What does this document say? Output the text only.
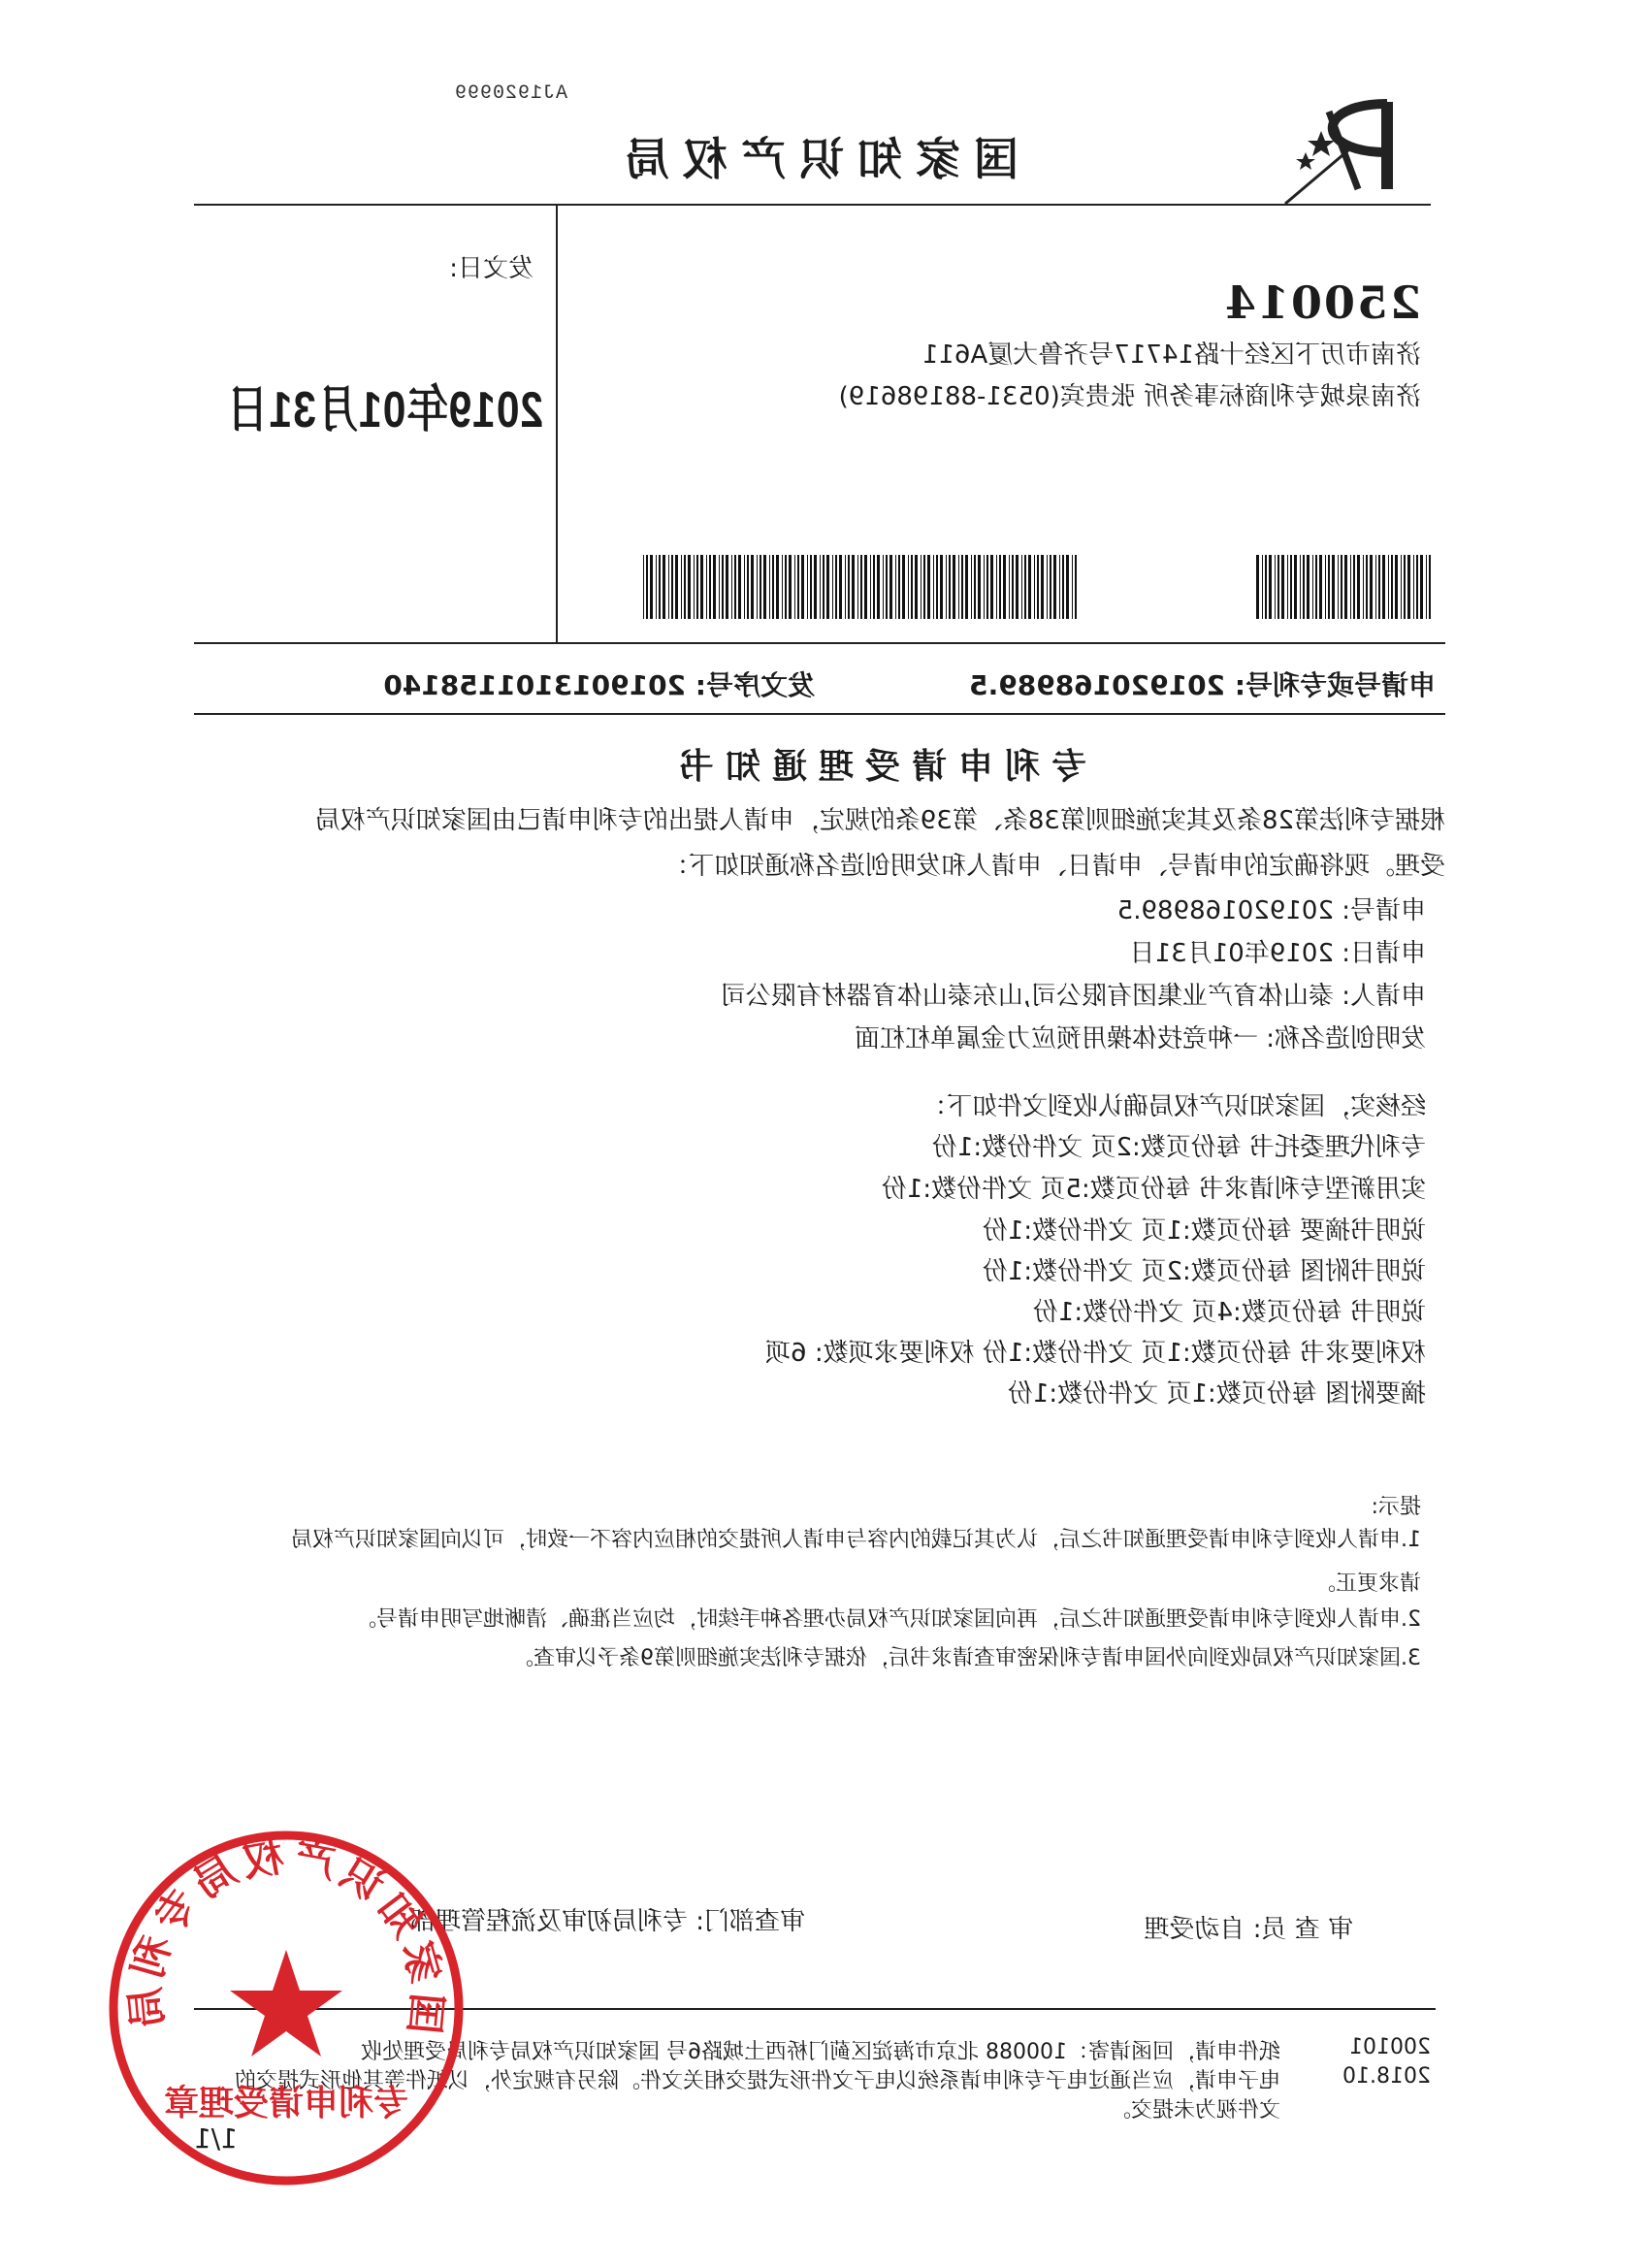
AJ1920999
国家知识产权局
250014
济南市历下区经十路14717号齐鲁大厦A611
济南泉城专利商标事务所 张贵宾(0531-88198619)
发文日:
2019年01月31日
申请号或专利号: 201920168989.5
发文序号: 2019013101158140
专利申请受理通知书
根据专利法第28条及其实施细则第38条、第39条的规定，申请人提出的专利申请已由国家知识产权局
受理。现将确定的申请号、申请日、申请人和发明创造名称通知如下：
申请号: 201920168989.5
申请日: 2019年01月31日
申请人: 泰山体育产业集团有限公司,山东泰山体育器材有限公司
发明创造名称: 一种竞技体操用预应力金属单杠杠面
经核实，国家知识产权局确认收到文件如下：
专利代理委托书 每份页数:2页 文件份数:1份
实用新型专利请求书 每份页数:5页 文件份数:1份
说明书摘要 每份页数:1页 文件份数:1份
说明书附图 每份页数:2页 文件份数:1份
说明书 每份页数:4页 文件份数:1份
权利要求书 每份页数:1页 文件份数:1份 权利要求项数: 6项
摘要附图 每份页数:1页 文件份数:1份
提示:
1.申请人收到专利申请受理通知书之后，认为其记载的内容与申请人所提交的相应内容不一致时，可以向国家知识产权局
请求更正。
2.申请人收到专利申请受理通知书之后，再向国家知识产权局办理各种手续时，均应当准确、清晰地写明申请号。
3.国家知识产权局收到向外国申请专利保密审查请求书后，依据专利法实施细则第9条予以审查。
审 查 员: 自动受理
审查部门: 专利局初审及流程管理部
200101
2018.10
纸件申请，回函请寄：100088 北京市海淀区蓟门桥西土城路6号 国家知识产权局专利局受理处收
电子申请，应当通过电子专利申请系统以电子文件形式提交相关文件。除另有规定外，以纸件等其他形式提交的
文件视为未提交。
1/1
国家知识产权局专利局
专利申请受理章
